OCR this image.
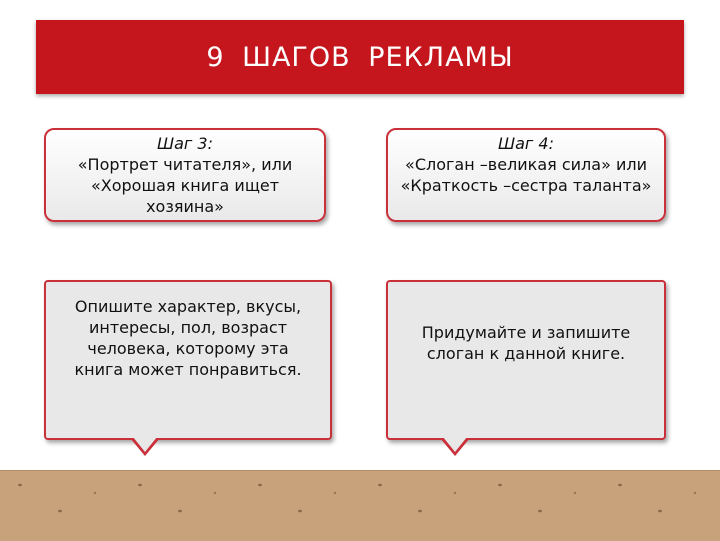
9 ШАГОВ РЕКЛАМЫ
Шаг 3:
«Портрет читателя», или
«Хорошая книга ищет
хозяина»
Шаг 4:
«Слоган –великая сила» или
«Краткость –сестра таланта»
Опишите характер, вкусы,
интересы, пол, возраст
человека, которому эта
книга может понравиться.
Придумайте и запишите
слоган к данной книге.
